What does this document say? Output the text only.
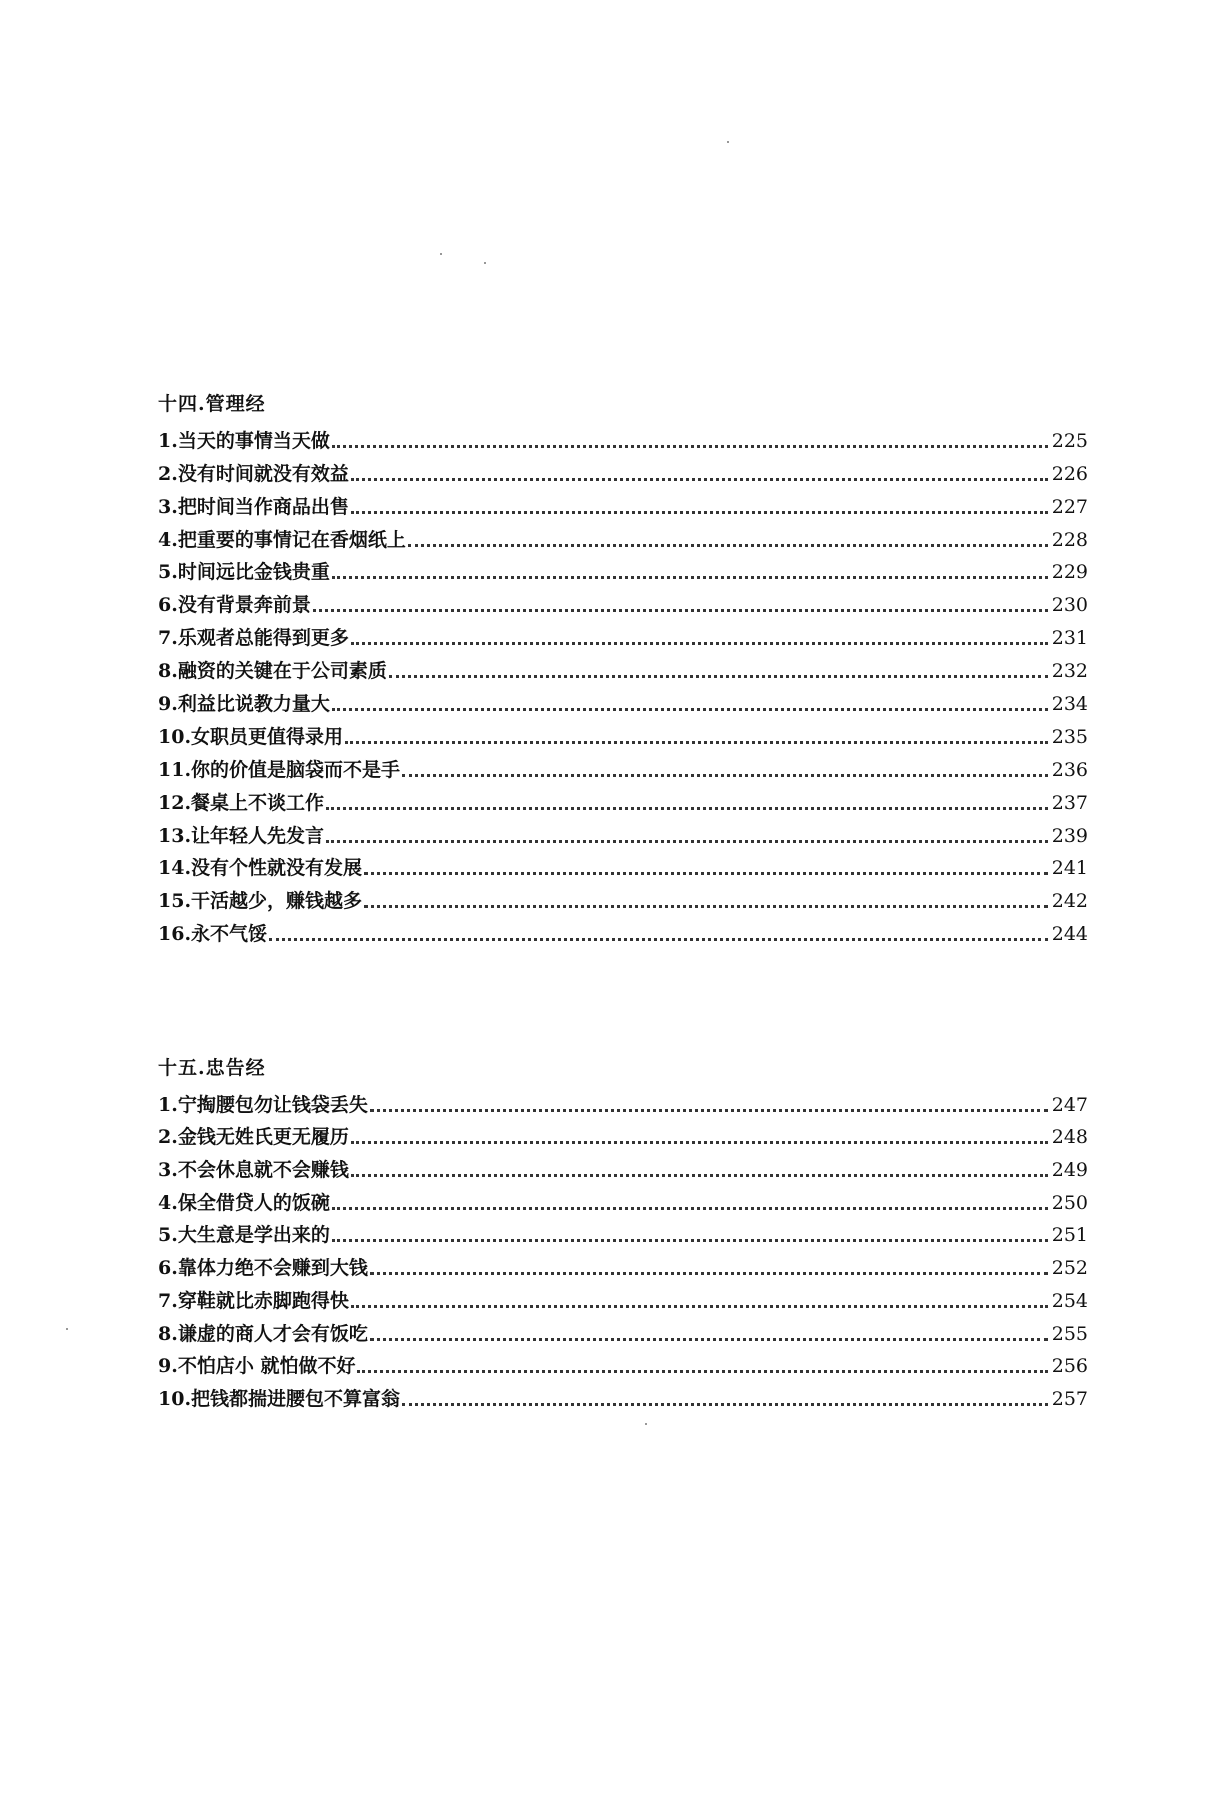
十四.管理经
1.当天的事情当天做	225
2.没有时间就没有效益	226
3.把时间当作商品出售	227
4.把重要的事情记在香烟纸上	228
5.时间远比金钱贵重	229
6.没有背景奔前景	230
7.乐观者总能得到更多	231
8.融资的关键在于公司素质	232
9.利益比说教力量大	234
10.女职员更值得录用	235
11.你的价值是脑袋而不是手	236
12.餐桌上不谈工作	237
13.让年轻人先发言	239
14.没有个性就没有发展	241
15.干活越少，赚钱越多	242
16.永不气馁	244
十五.忠告经
1.宁掏腰包勿让钱袋丢失	247
2.金钱无姓氏更无履历	248
3.不会休息就不会赚钱	249
4.保全借贷人的饭碗	250
5.大生意是学出来的	251
6.靠体力绝不会赚到大钱	252
7.穿鞋就比赤脚跑得快	254
8.谦虚的商人才会有饭吃	255
9.不怕店小 就怕做不好	256
10.把钱都揣进腰包不算富翁	257
